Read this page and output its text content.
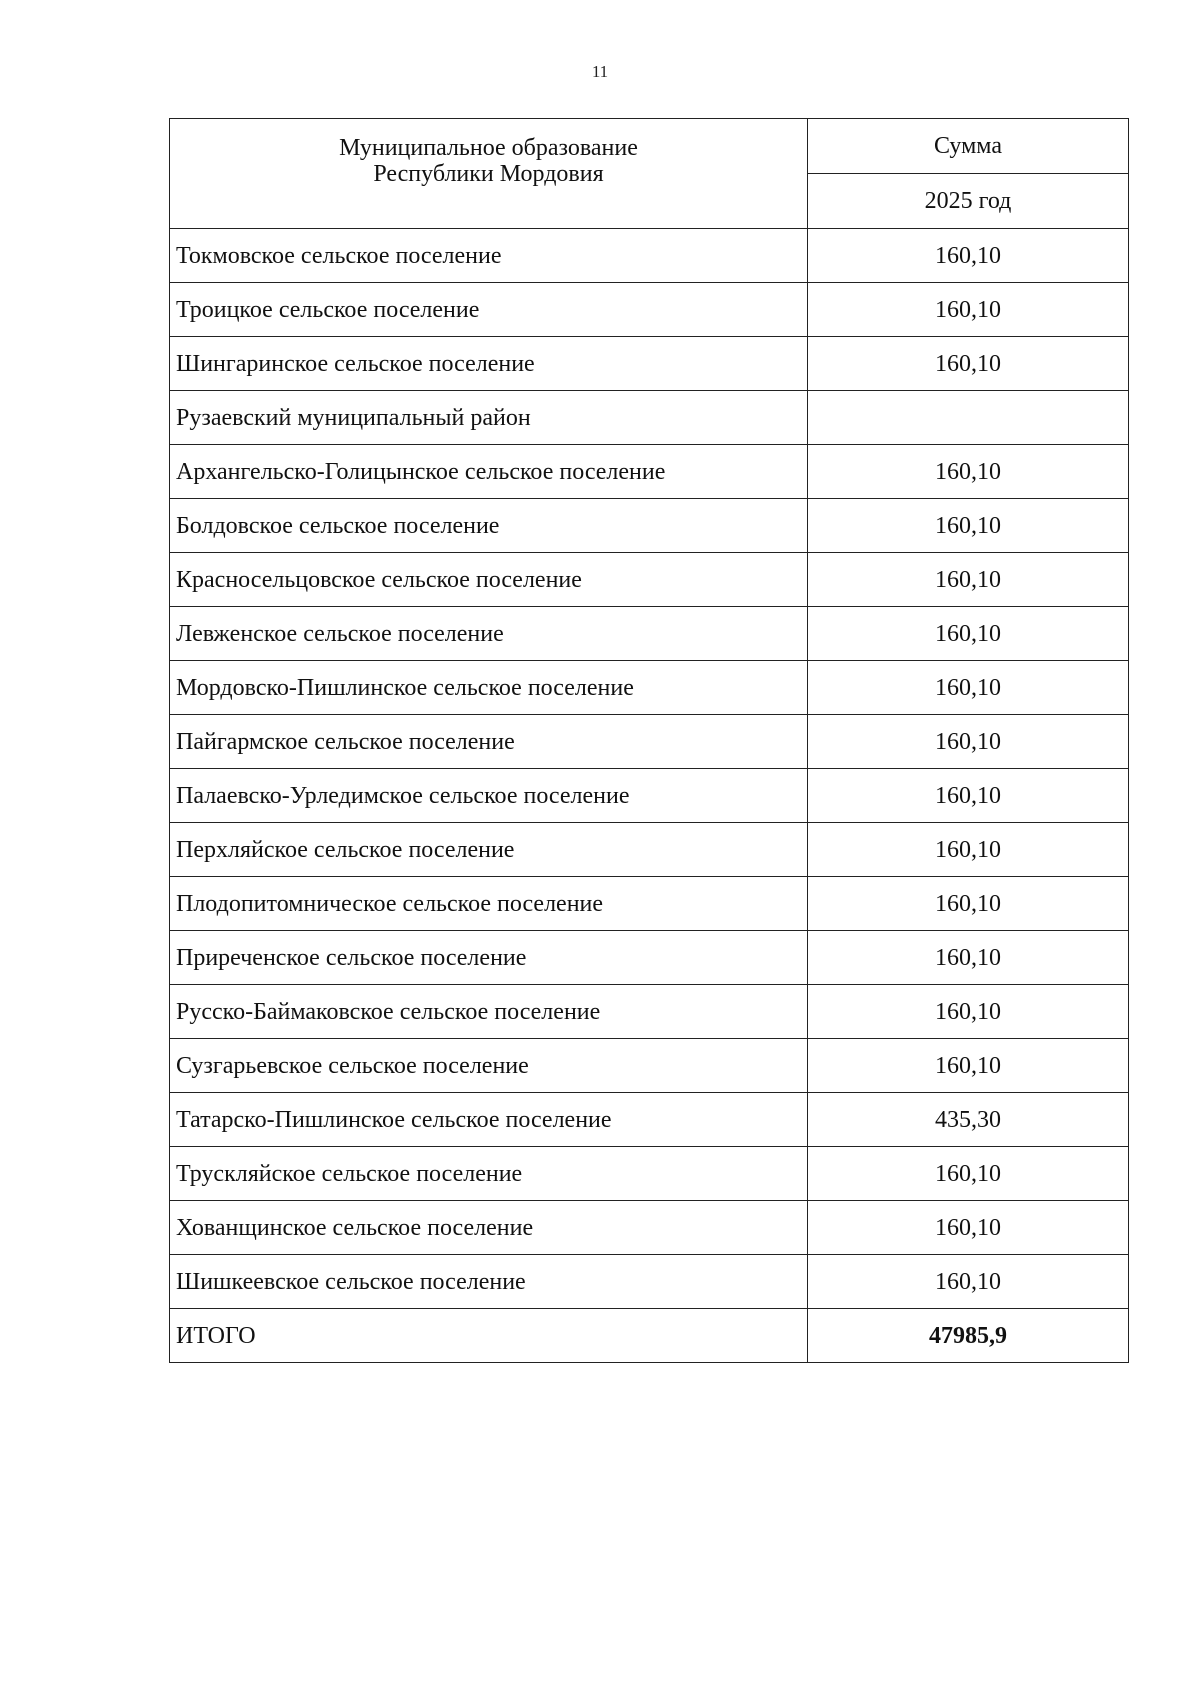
11
Муниципальное образование
Республики Мордовия	Сумма
	2025 год
Токмовское сельское поселение	160,10
Троицкое сельское поселение	160,10
Шингаринское сельское поселение	160,10
Рузаевский муниципальный район	
Архангельско-Голицынское сельское поселение	160,10
Болдовское сельское поселение	160,10
Красносельцовское сельское поселение	160,10
Левженское сельское поселение	160,10
Мордовско-Пишлинское сельское поселение	160,10
Пайгармское сельское поселение	160,10
Палаевско-Урледимское сельское поселение	160,10
Перхляйское сельское поселение	160,10
Плодопитомническое сельское поселение	160,10
Приреченское сельское поселение	160,10
Русско-Баймаковское сельское поселение	160,10
Сузгарьевское сельское поселение	160,10
Татарско-Пишлинское сельское поселение	435,30
Трускляйское сельское поселение	160,10
Хованщинское сельское поселение	160,10
Шишкеевское сельское поселение	160,10
ИТОГО	47985,9
